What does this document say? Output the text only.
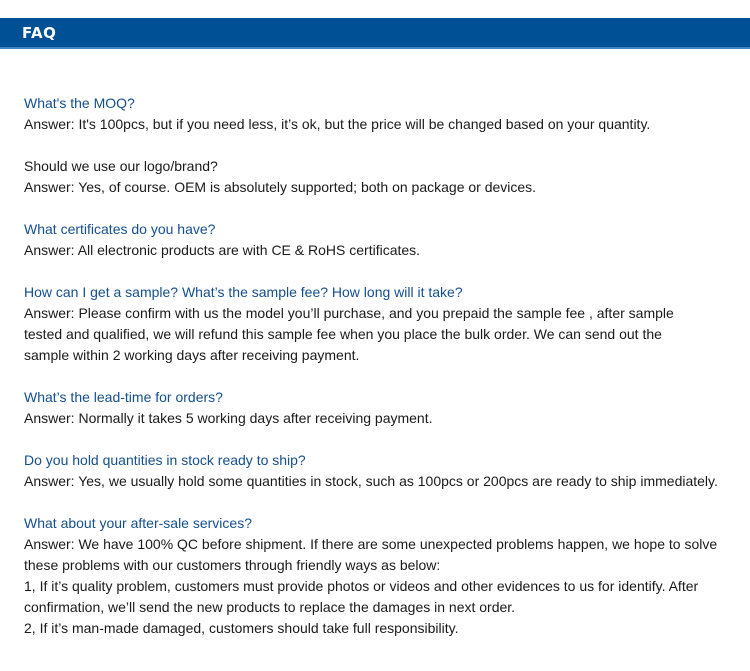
FAQ
What's the MOQ?
Answer: It's 100pcs, but if you need less, it’s ok, but the price will be changed based on your quantity.
Should we use our logo/brand?
Answer: Yes, of course. OEM is absolutely supported; both on package or devices.
What certificates do you have?
Answer: All electronic products are with CE & RoHS certificates.
How can I get a sample? What’s the sample fee? How long will it take?
Answer: Please confirm with us the model you’ll purchase, and you prepaid the sample fee , after sample
tested and qualified, we will refund this sample fee when you place the bulk order. We can send out the
sample within 2 working days after receiving payment.
What’s the lead-time for orders?
Answer: Normally it takes 5 working days after receiving payment.
Do you hold quantities in stock ready to ship?
Answer: Yes, we usually hold some quantities in stock, such as 100pcs or 200pcs are ready to ship immediately.
What about your after-sale services?
Answer: We have 100% QC before shipment. If there are some unexpected problems happen, we hope to solve
these problems with our customers through friendly ways as below:
1, If it’s quality problem, customers must provide photos or videos and other evidences to us for identify. After
confirmation, we’ll send the new products to replace the damages in next order.
2, If it’s man-made damaged, customers should take full responsibility.
